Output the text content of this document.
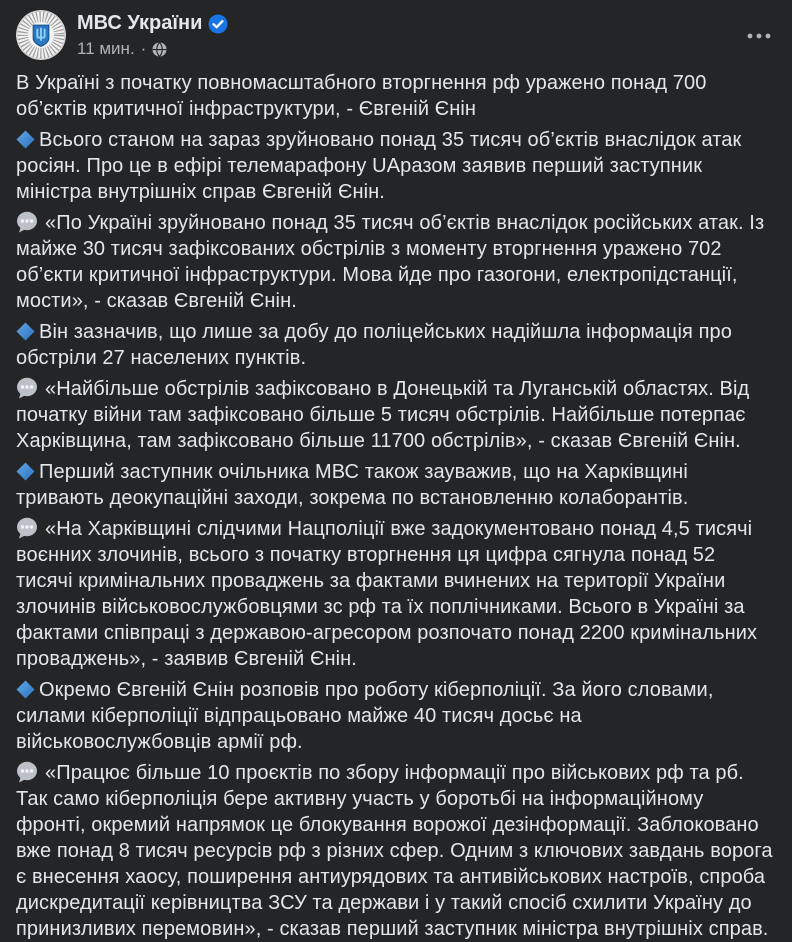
МВС України
11 мин. ·

В Україні з початку повномасштабного вторгнення рф уражено понад 700 об’єктів критичної інфраструктури, - Євгеній Єнін

Всього станом на зараз зруйновано понад 35 тисяч об’єктів внаслідок атак росіян. Про це в ефірі телемарафону UAразом заявив перший заступник міністра внутрішніх справ Євгеній Єнін.

«По Україні зруйновано понад 35 тисяч об’єктів внаслідок російських атак. Із майже 30 тисяч зафіксованих обстрілів з моменту вторгнення уражено 702 об’єкти критичної інфраструктури. Мова йде про газогони, електропідстанції, мости», - сказав Євгеній Єнін.

Він зазначив, що лише за добу до поліцейських надійшла інформація про обстріли 27 населених пунктів.

«Найбільше обстрілів зафіксовано в Донецькій та Луганській областях. Від початку війни там зафіксовано більше 5 тисяч обстрілів. Найбільше потерпає Харківщина, там зафіксовано більше 11700 обстрілів», - сказав Євгеній Єнін.

Перший заступник очільника МВС також зауважив, що на Харківщині тривають деокупаційні заходи, зокрема по встановленню колаборантів.

«На Харківщині слідчими Нацполіції вже задокументовано понад 4,5 тисячі воєнних злочинів, всього з початку вторгнення ця цифра сягнула понад 52 тисячі кримінальних проваджень за фактами вчинених на території України злочинів військовослужбовцями зс рф та їх поплічниками. Всього в Україні за фактами співпраці з державою-агресором розпочато понад 2200 кримінальних проваджень», - заявив Євгеній Єнін.

Окремо Євгеній Єнін розповів про роботу кіберполіції. За його словами, силами кіберполіції відпрацьовано майже 40 тисяч досьє на військовослужбовців армії рф.

«Працює більше 10 проєктів по збору інформації про військових рф та рб. Так само кіберполіція бере активну участь у боротьбі на інформаційному фронті, окремий напрямок це блокування ворожої дезінформації. Заблоковано вже понад 8 тисяч ресурсів рф з різних сфер. Одним з ключових завдань ворога є внесення хаосу, поширення антиурядових та антивійськових настроїв, спроба дискредитації керівництва ЗСУ та держави і у такий спосіб схилити Україну до принизливих перемовин», - сказав перший заступник міністра внутрішніх справ.
